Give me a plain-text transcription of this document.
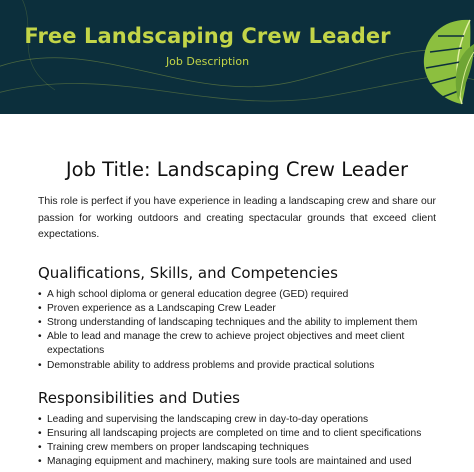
Free Landscaping Crew Leader
Job Description
Job Title: Landscaping Crew Leader

This role is perfect if you have experience in leading a landscaping crew and share our passion for working outdoors and creating spectacular grounds that exceed client expectations.

Qualifications, Skills, and Competencies
• A high school diploma or general education degree (GED) required
• Proven experience as a Landscaping Crew Leader
• Strong understanding of landscaping techniques and the ability to implement them
• Able to lead and manage the crew to achieve project objectives and meet client expectations
• Demonstrable ability to address problems and provide practical solutions
Responsibilities and Duties
• Leading and supervising the landscaping crew in day-to-day operations
• Ensuring all landscaping projects are completed on time and to client specifications
• Training crew members on proper landscaping techniques
• Managing equipment and machinery, making sure tools are maintained and used
